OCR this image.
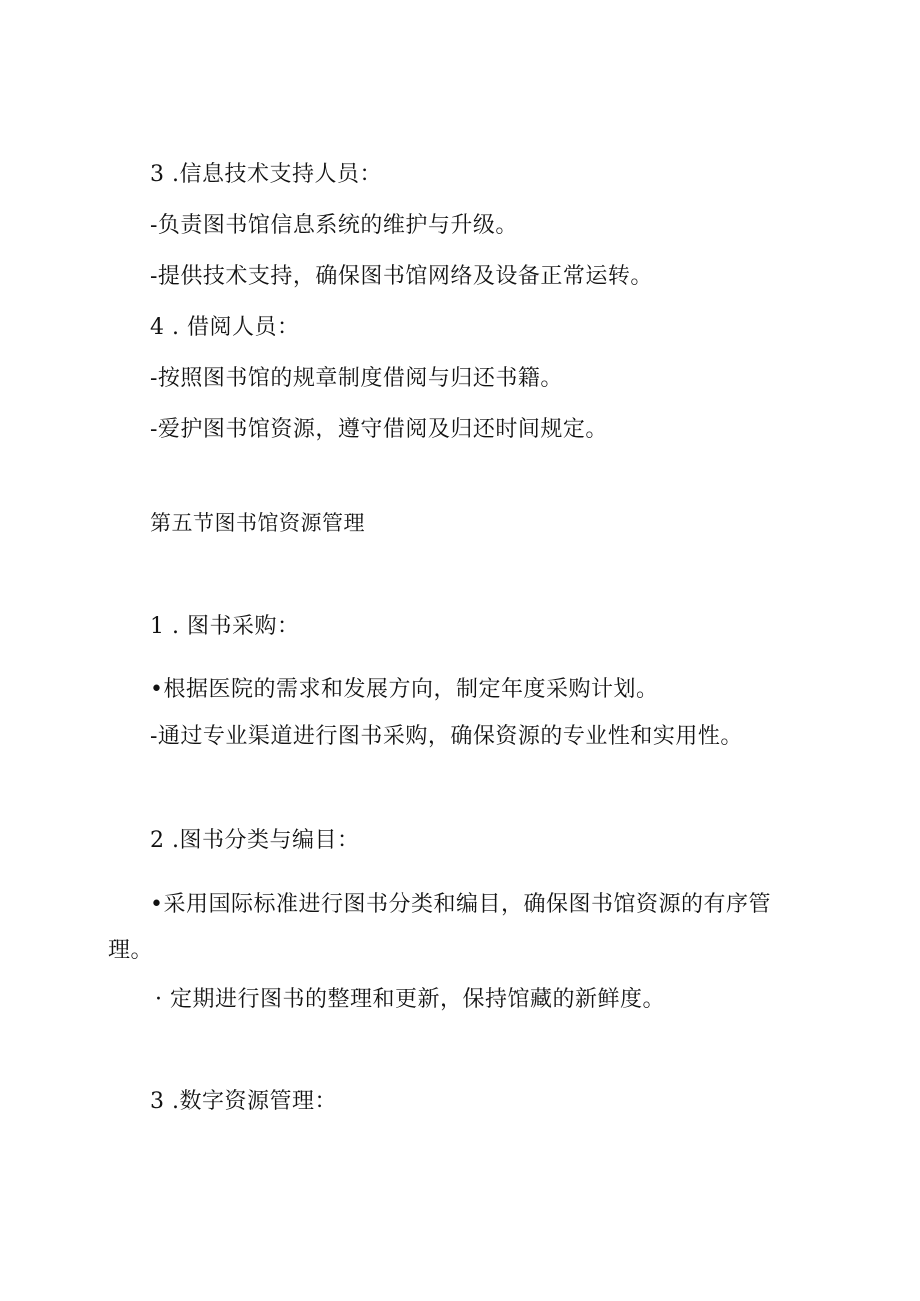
3 .信息技术支持人员：
-负责图书馆信息系统的维护与升级。
-提供技术支持，确保图书馆网络及设备正常运转。
4 . 借阅人员：
-按照图书馆的规章制度借阅与归还书籍。
-爱护图书馆资源，遵守借阅及归还时间规定。
第五节图书馆资源管理
1 . 图书采购：
•根据医院的需求和发展方向，制定年度采购计划。
-通过专业渠道进行图书采购，确保资源的专业性和实用性。
2 .图书分类与编目：
•采用国际标准进行图书分类和编目，确保图书馆资源的有序管
理。
· 定期进行图书的整理和更新，保持馆藏的新鲜度。
3 .数字资源管理：
